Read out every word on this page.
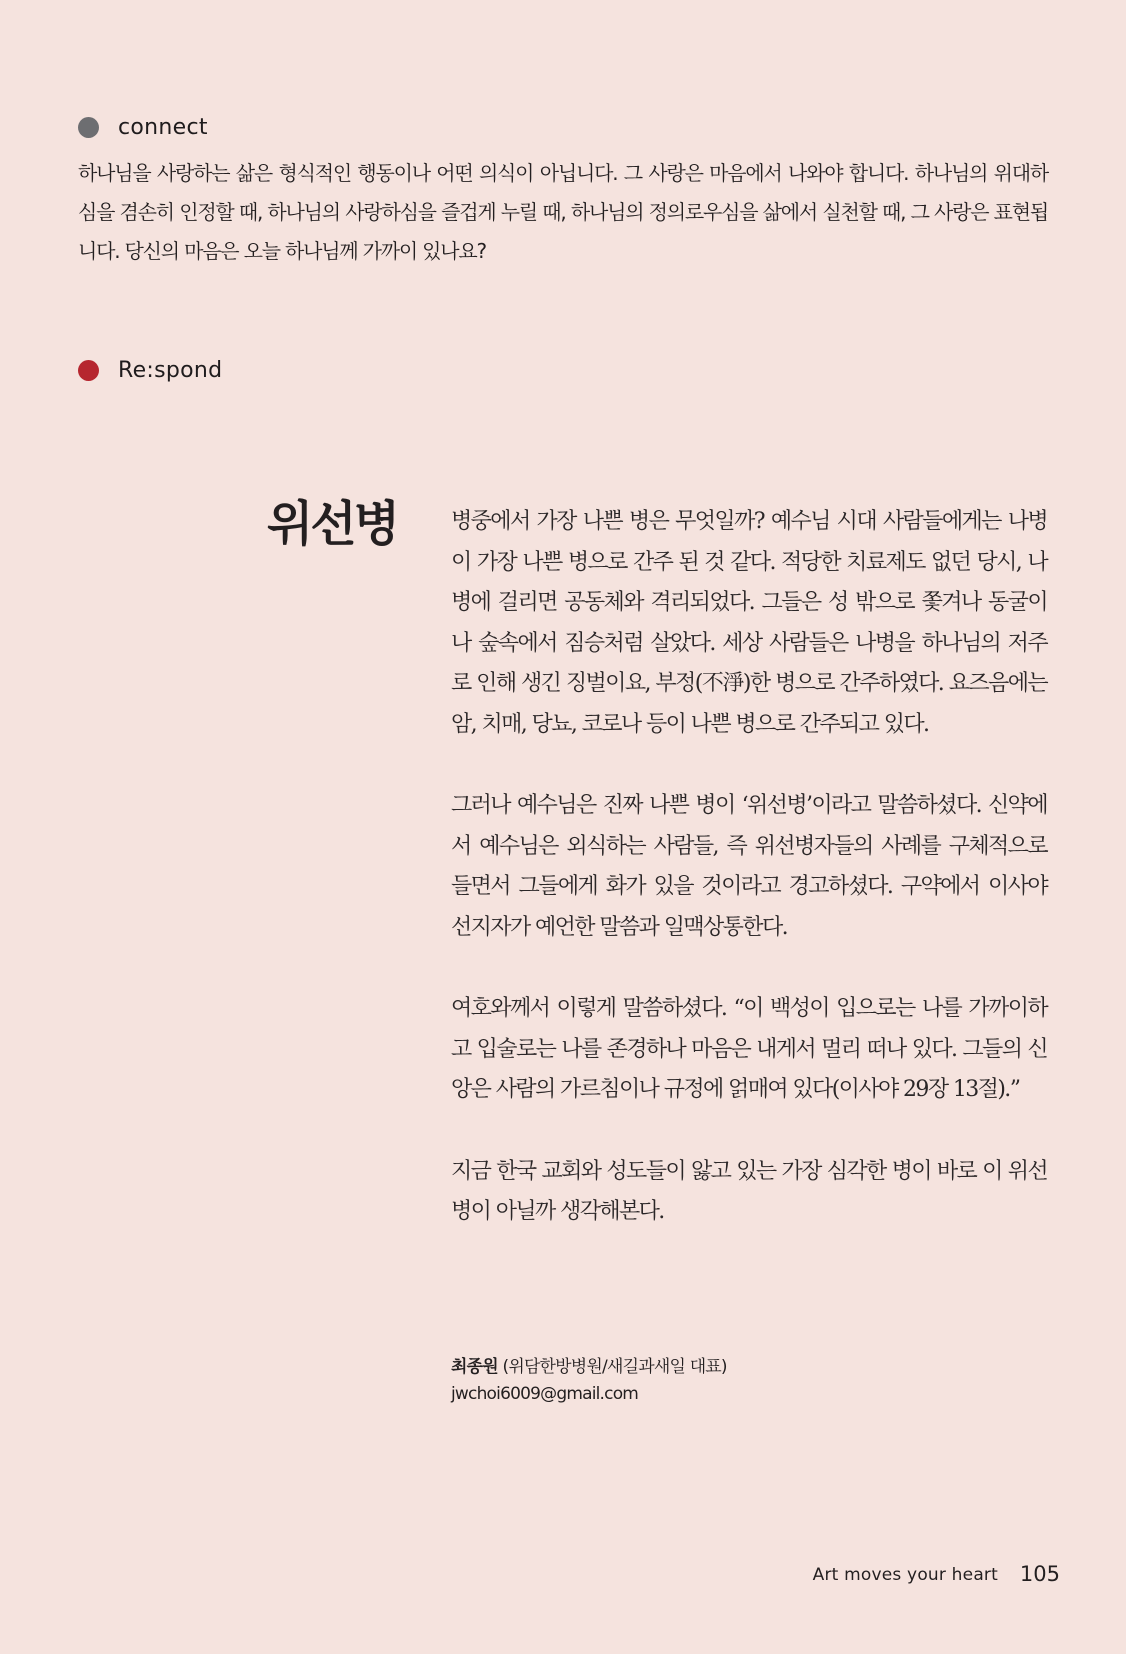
connect

하나님을 사랑하는 삶은 형식적인 행동이나 어떤 의식이 아닙니다. 그 사랑은 마음에서 나와야 합니다. 하나님의 위대하심을 겸손히 인정할 때, 하나님의 사랑하심을 즐겁게 누릴 때, 하나님의 정의로우심을 삶에서 실천할 때, 그 사랑은 표현됩니다. 당신의 마음은 오늘 하나님께 가까이 있나요?

Re:spond
위선병 병중에서 가장 나쁜 병은 무엇일까? 예수님 시대 사람들에게는 나병이 가장 나쁜 병으로 간주 된 것 같다. 적당한 치료제도 없던 당시, 나병에 걸리면 공동체와 격리되었다. 그들은 성 밖으로 쫓겨나 동굴이나 숲속에서 짐승처럼 살았다. 세상 사람들은 나병을 하나님의 저주로 인해 생긴 징벌이요, 부정(不淨)한 병으로 간주하였다. 요즈음에는 암, 치매, 당뇨, 코로나 등이 나쁜 병으로 간주되고 있다.

그러나 예수님은 진짜 나쁜 병이 ‘위선병’이라고 말씀하셨다. 신약에서 예수님은 외식하는 사람들, 즉 위선병자들의 사례를 구체적으로 들면서 그들에게 화가 있을 것이라고 경고하셨다. 구약에서 이사야 선지자가 예언한 말씀과 일맥상통한다.

여호와께서 이렇게 말씀하셨다. “이 백성이 입으로는 나를 가까이하고 입술로는 나를 존경하나 마음은 내게서 멀리 떠나 있다. 그들의 신앙은 사람의 가르침이나 규정에 얽매여 있다(이사야 29장 13절).”

지금 한국 교회와 성도들이 앓고 있는 가장 심각한 병이 바로 이 위선병이 아닐까 생각해본다.

최종원 (위담한방병원/새길과새일 대표)
jwchoi6009@gmail.com
Art moves your heart 105
